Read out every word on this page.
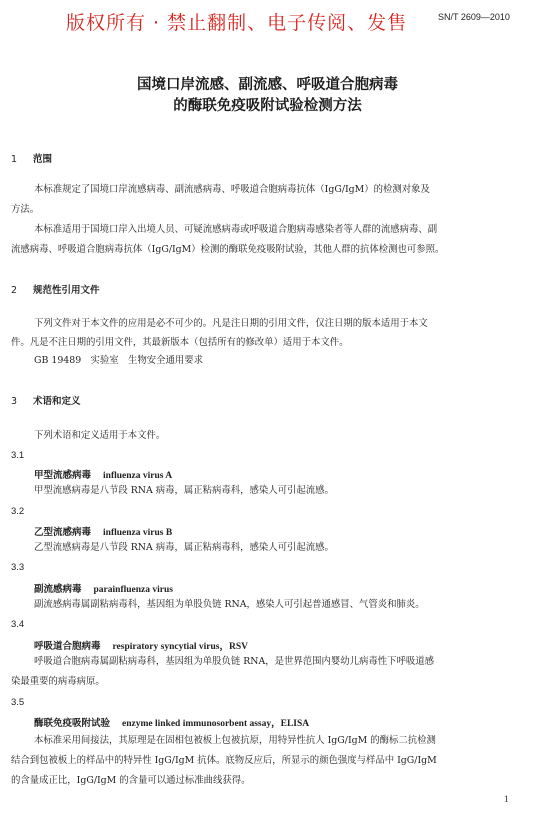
版权所有 · 禁止翻制、电子传阅、发售	SN/T 2609—2010
国境口岸流感、副流感、呼吸道合胞病毒
的酶联免疫吸附试验检测方法
1 范围
本标准规定了国境口岸流感病毒、副流感病毒、呼吸道合胞病毒抗体（IgG/IgM）的检测对象及
方法。
本标准适用于国境口岸入出境人员、可疑流感病毒或呼吸道合胞病毒感染者等人群的流感病毒、副
流感病毒、呼吸道合胞病毒抗体（IgG/IgM）检测的酶联免疫吸附试验，其他人群的抗体检测也可参照。
2 规范性引用文件
下列文件对于本文件的应用是必不可少的。凡是注日期的引用文件，仅注日期的版本适用于本文
件。凡是不注日期的引用文件，其最新版本（包括所有的修改单）适用于本文件。
GB 19489　实验室　生物安全通用要求
3 术语和定义
下列术语和定义适用于本文件。
3.1
甲型流感病毒 influenza virus A
甲型流感病毒是八节段 RNA 病毒，属正粘病毒科，感染人可引起流感。
3.2
乙型流感病毒 influenza virus B
乙型流感病毒是八节段 RNA 病毒，属正粘病毒科，感染人可引起流感。
3.3
副流感病毒 parainfluenza virus
副流感病毒属副粘病毒科，基因组为单股负链 RNA，感染人可引起普通感冒、气管炎和肺炎。
3.4
呼吸道合胞病毒 respiratory syncytial virus，RSV
呼吸道合胞病毒属副粘病毒科，基因组为单股负链 RNA，是世界范围内婴幼儿病毒性下呼吸道感
染最重要的病毒病原。
3.5
酶联免疫吸附试验 enzyme linked immunosorbent assay，ELISA
本标准采用间接法，其原理是在固相包被板上包被抗原，用特异性抗人 IgG/IgM 的酶标二抗检测
结合到包被板上的样品中的特异性 IgG/IgM 抗体。底物反应后，所显示的颜色强度与样品中 IgG/IgM
的含量成正比，IgG/IgM 的含量可以通过标准曲线获得。
1
